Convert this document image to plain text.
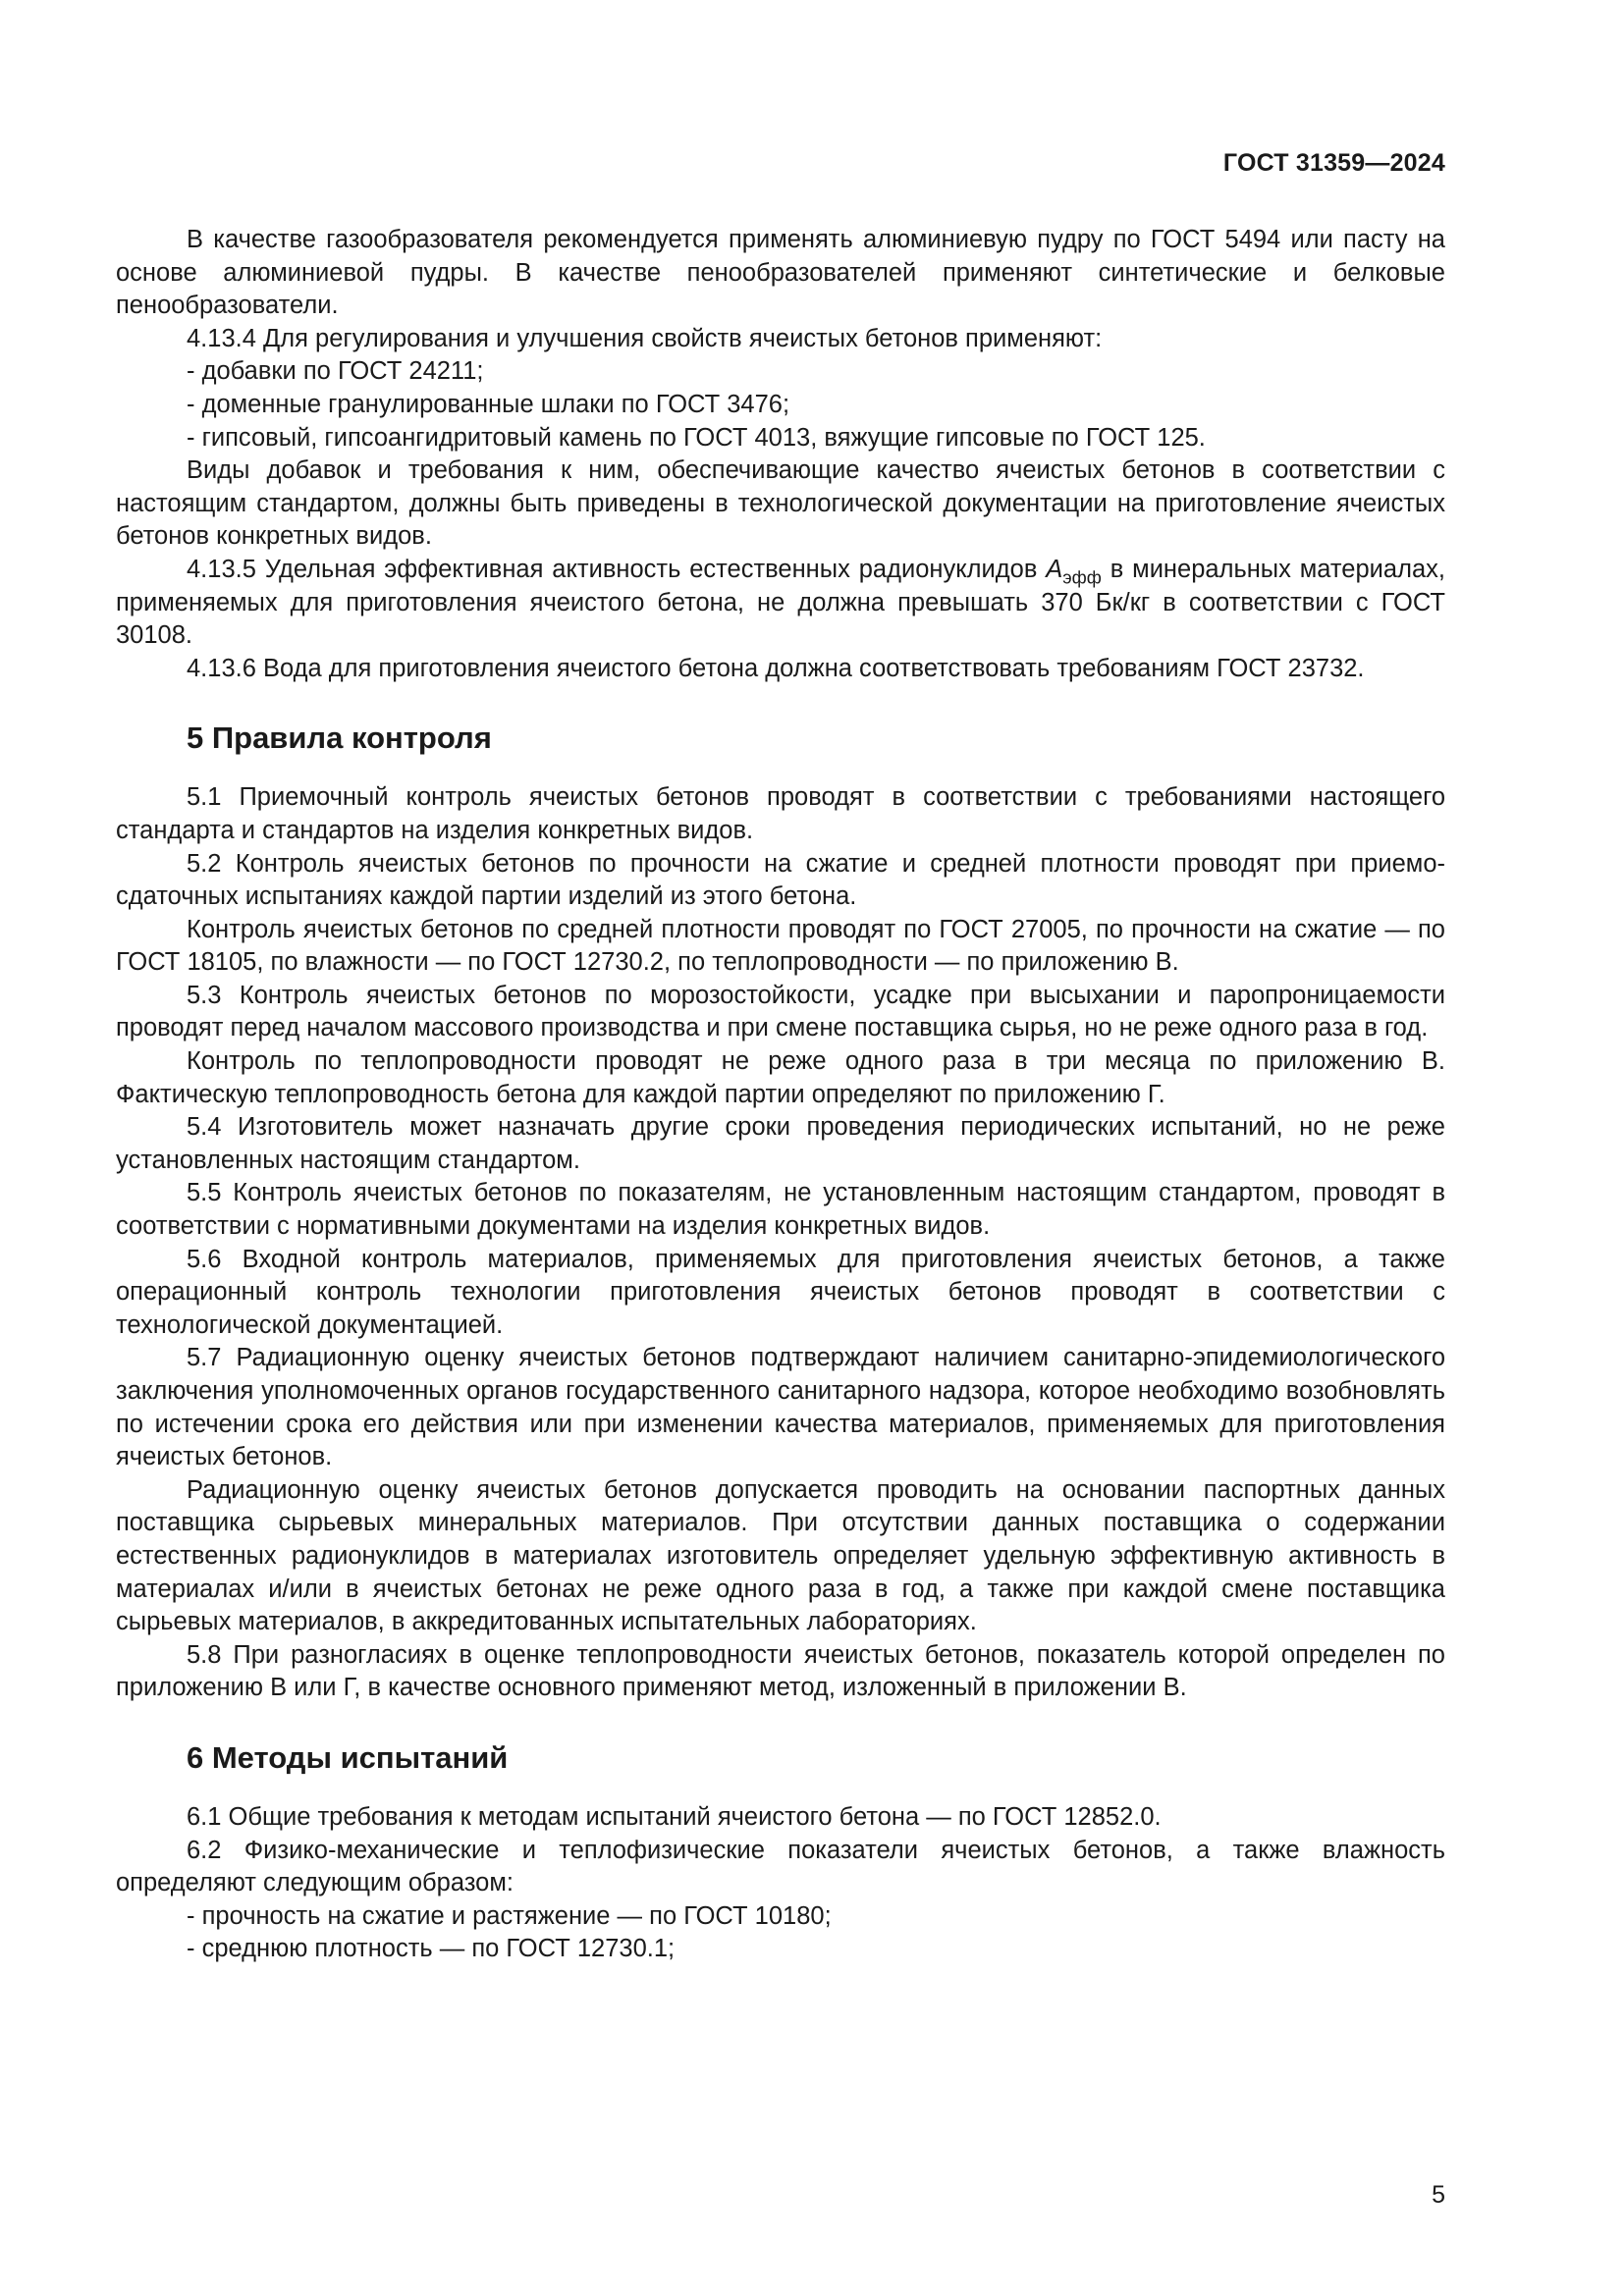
ГОСТ 31359—2024

В качестве газообразователя рекомендуется применять алюминиевую пудру по ГОСТ 5494 или пасту на основе алюминиевой пудры. В качестве пенообразователей применяют синтетические и белковые пенообразователи.

4.13.4 Для регулирования и улучшения свойств ячеистых бетонов применяют:

- добавки по ГОСТ 24211;

- доменные гранулированные шлаки по ГОСТ 3476;

- гипсовый, гипсоангидритовый камень по ГОСТ 4013, вяжущие гипсовые по ГОСТ 125.

Виды добавок и требования к ним, обеспечивающие качество ячеистых бетонов в соответствии с настоящим стандартом, должны быть приведены в технологической документации на приготовление ячеистых бетонов конкретных видов.

4.13.5 Удельная эффективная активность естественных радионуклидов $A_{эфф}$ в минеральных материалах, применяемых для приготовления ячеистого бетона, не должна превышать 370 Бк/кг в соответствии с ГОСТ 30108.

4.13.6 Вода для приготовления ячеистого бетона должна соответствовать требованиям ГОСТ 23732.

5 Правила контроля

5.1 Приемочный контроль ячеистых бетонов проводят в соответствии с требованиями настоящего стандарта и стандартов на изделия конкретных видов.

5.2 Контроль ячеистых бетонов по прочности на сжатие и средней плотности проводят при приемо-сдаточных испытаниях каждой партии изделий из этого бетона.

Контроль ячеистых бетонов по средней плотности проводят по ГОСТ 27005, по прочности на сжатие — по ГОСТ 18105, по влажности — по ГОСТ 12730.2, по теплопроводности — по приложению В.

5.3 Контроль ячеистых бетонов по морозостойкости, усадке при высыхании и паропроницаемости проводят перед началом массового производства и при смене поставщика сырья, но не реже одного раза в год.

Контроль по теплопроводности проводят не реже одного раза в три месяца по приложению В. Фактическую теплопроводность бетона для каждой партии определяют по приложению Г.

5.4 Изготовитель может назначать другие сроки проведения периодических испытаний, но не реже установленных настоящим стандартом.

5.5 Контроль ячеистых бетонов по показателям, не установленным настоящим стандартом, проводят в соответствии с нормативными документами на изделия конкретных видов.

5.6 Входной контроль материалов, применяемых для приготовления ячеистых бетонов, а также операционный контроль технологии приготовления ячеистых бетонов проводят в соответствии с технологической документацией.

5.7 Радиационную оценку ячеистых бетонов подтверждают наличием санитарно-эпидемиологического заключения уполномоченных органов государственного санитарного надзора, которое необходимо возобновлять по истечении срока его действия или при изменении качества материалов, применяемых для приготовления ячеистых бетонов.

Радиационную оценку ячеистых бетонов допускается проводить на основании паспортных данных поставщика сырьевых минеральных материалов. При отсутствии данных поставщика о содержании естественных радионуклидов в материалах изготовитель определяет удельную эффективную активность в материалах и/или в ячеистых бетонах не реже одного раза в год, а также при каждой смене поставщика сырьевых материалов, в аккредитованных испытательных лабораториях.

5.8 При разногласиях в оценке теплопроводности ячеистых бетонов, показатель которой определен по приложению В или Г, в качестве основного применяют метод, изложенный в приложении В.

6 Методы испытаний

6.1 Общие требования к методам испытаний ячеистого бетона — по ГОСТ 12852.0.

6.2 Физико-механические и теплофизические показатели ячеистых бетонов, а также влажность определяют следующим образом:

- прочность на сжатие и растяжение — по ГОСТ 10180;

- среднюю плотность — по ГОСТ 12730.1;

5
